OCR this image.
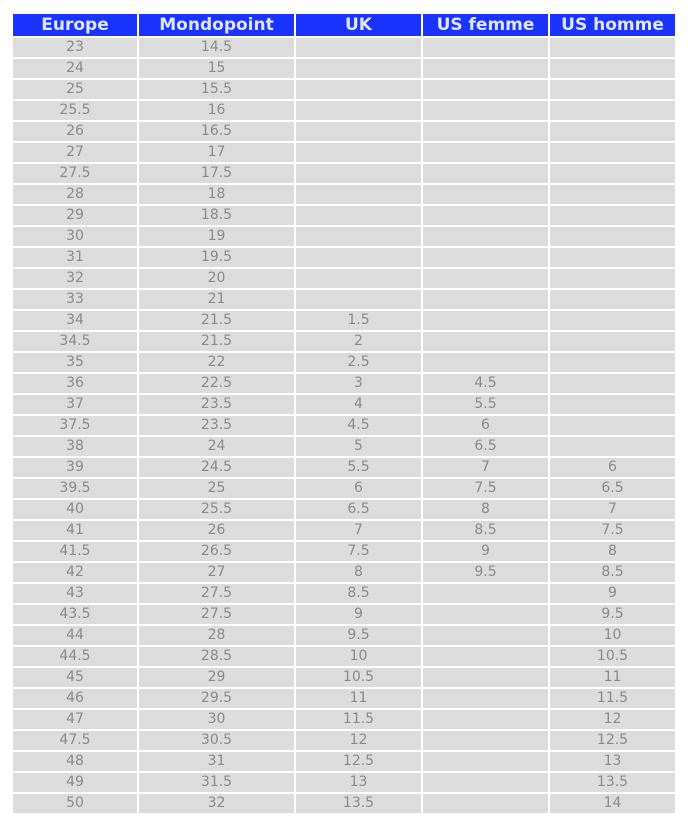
Europe	Mondopoint	UK	US femme	US homme
23	14.5			
24	15			
25	15.5			
25.5	16			
26	16.5			
27	17			
27.5	17.5			
28	18			
29	18.5			
30	19			
31	19.5			
32	20			
33	21			
34	21.5	1.5		
34.5	21.5	2		
35	22	2.5		
36	22.5	3	4.5	
37	23.5	4	5.5	
37.5	23.5	4.5	6	
38	24	5	6.5	
39	24.5	5.5	7	6
39.5	25	6	7.5	6.5
40	25.5	6.5	8	7
41	26	7	8.5	7.5
41.5	26.5	7.5	9	8
42	27	8	9.5	8.5
43	27.5	8.5		9
43.5	27.5	9		9.5
44	28	9.5		10
44.5	28.5	10		10.5
45	29	10.5		11
46	29.5	11		11.5
47	30	11.5		12
47.5	30.5	12		12.5
48	31	12.5		13
49	31.5	13		13.5
50	32	13.5		14
